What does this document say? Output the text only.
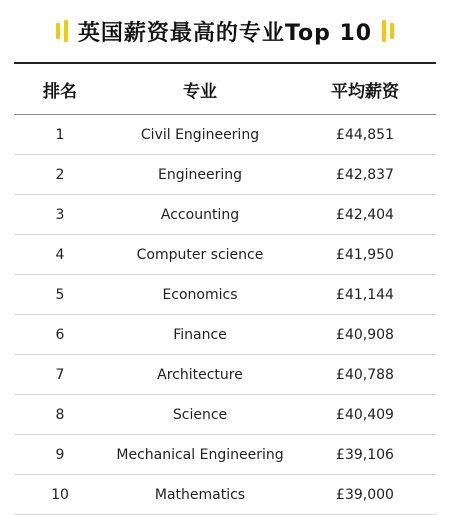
英国薪资最高的专业Top 10
排名	专业	平均薪资
1	Civil Engineering	£44,851
2	Engineering	£42,837
3	Accounting	£42,404
4	Computer science	£41,950
5	Economics	£41,144
6	Finance	£40,908
7	Architecture	£40,788
8	Science	£40,409
9	Mechanical Engineering	£39,106
10	Mathematics	£39,000
